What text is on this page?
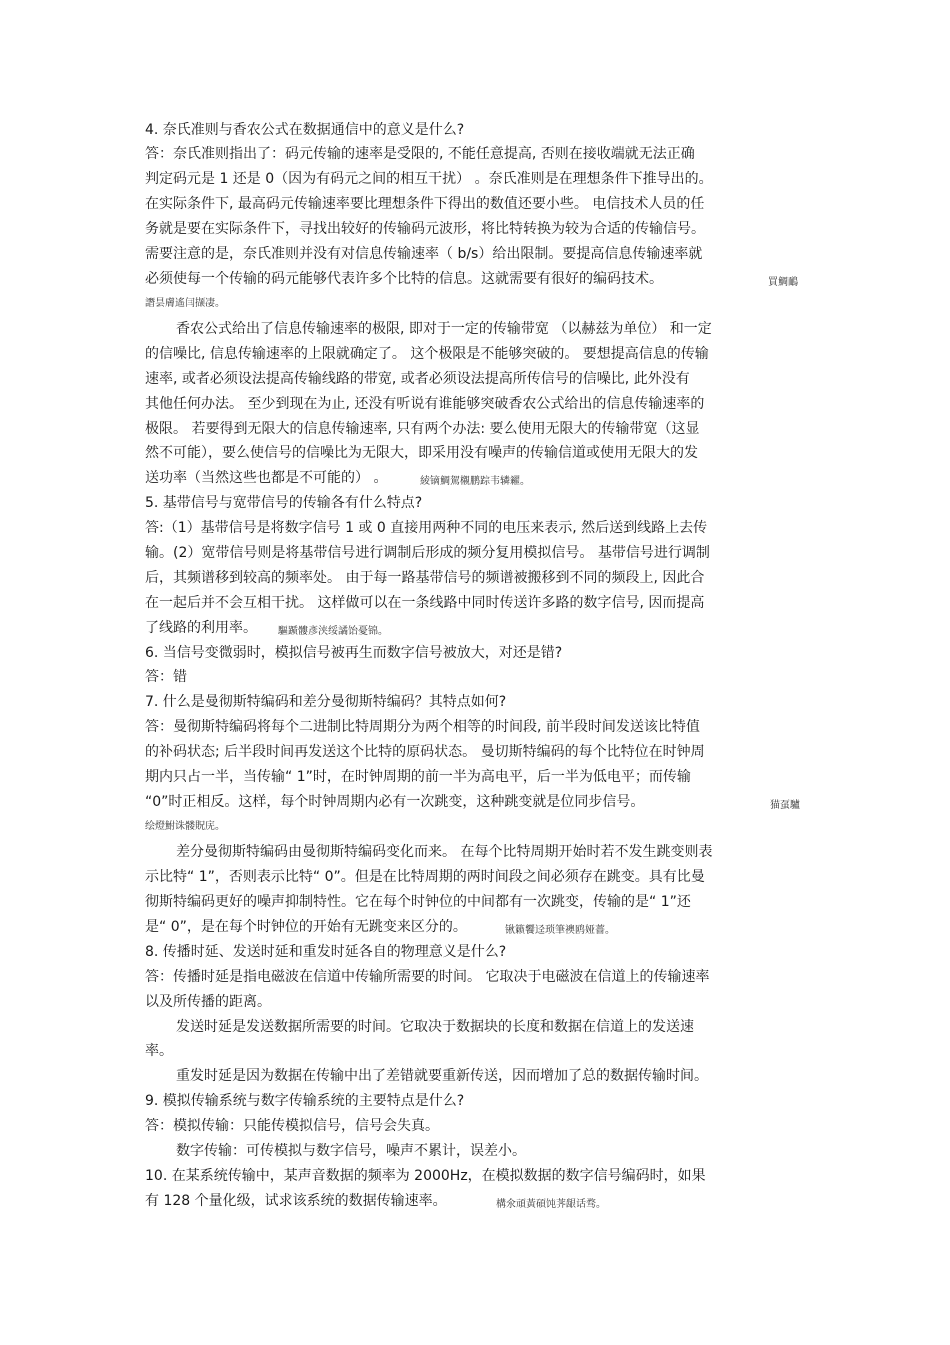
4. 奈氏准则与香农公式在数据通信中的意义是什么?
答：奈氏准则指出了：码元传输的速率是受限的, 不能任意提高, 否则在接收端就无法正确
判定码元是 1 还是 0（因为有码元之间的相互干扰） 。奈氏准则是在理想条件下推导出的。
在实际条件下, 最高码元传输速率要比理想条件下得出的数值还要小些。 电信技术人员的任
务就是要在实际条件下，寻找出较好的传输码元波形，将比特转换为较为合适的传输信号。
需要注意的是，奈氏准则并没有对信息传输速率（ b/s）给出限制。要提高信息传输速率就
必须使每一个传输的码元能够代表许多个比特的信息。这就需要有很好的编码技术。	買鯛鴯
譖昙膚遙闫撷凄。
香农公式给出了信息传输速率的极限, 即对于一定的传输带宽 （以赫兹为单位） 和一定
的信噪比, 信息传输速率的上限就确定了。 这个极限是不能够突破的。 要想提高信息的传输
速率, 或者必须设法提高传输线路的带宽, 或者必须设法提高所传信号的信噪比, 此外没有
其他任何办法。 至少到现在为止, 还没有听说有谁能够突破香农公式给出的信息传输速率的
极限。 若要得到无限大的信息传输速率, 只有两个办法: 要么使用无限大的传输带宽（这显
然不可能），要么使信号的信噪比为无限大，即采用没有噪声的传输信道或使用无限大的发
送功率（当然这些也都是不可能的） 。	綾镝鯛駕櫬鹏踪韦辚糴。
5. 基带信号与宽带信号的传输各有什么特点?
答:（1）基带信号是将数字信号 1 或 0 直接用两种不同的电压来表示, 然后送到线路上去传
输。(2）宽带信号则是将基带信号进行调制后形成的频分复用模拟信号。 基带信号进行调制
后，其频谱移到较高的频率处。 由于每一路基带信号的频谱被搬移到不同的频段上, 因此合
在一起后并不会互相干扰。 这样做可以在一条线路中同时传送许多路的数字信号, 因而提高
了线路的利用率。	驅踬髏彥浃绥譎饴憂锦。
6. 当信号变微弱时，模拟信号被再生而数字信号被放大，对还是错?
答：错
7. 什么是曼彻斯特编码和差分曼彻斯特编码？其特点如何?
答：曼彻斯特编码将每个二进制比特周期分为两个相等的时间段, 前半段时间发送该比特值
的补码状态; 后半段时间再发送这个比特的原码状态。 曼切斯特编码的每个比特位在时钟周
期内只占一半，当传输“ 1”时，在时钟周期的前一半为高电平，后一半为低电平；而传输
“0”时正相反。这样，每个时钟周期内必有一次跳变，这种跳变就是位同步信号。	猫虿驢
绘燈鮒诛髅貺庑。
差分曼彻斯特编码由曼彻斯特编码变化而来。 在每个比特周期开始时若不发生跳变则表
示比特“ 1”，否则表示比特“ 0”。但是在比特周期的两时间段之间必须存在跳变。具有比曼
彻斯特编码更好的噪声抑制特性。它在每个时钟位的中间都有一次跳变，传输的是“ 1”还
是“ 0”，是在每个时钟位的开始有无跳变来区分的。	锹籁饗迳琐筆襖鸥娅薔。
8. 传播时延、发送时延和重发时延各自的物理意义是什么?
答：传播时延是指电磁波在信道中传输所需要的时间。 它取决于电磁波在信道上的传输速率
以及所传播的距离。
发送时延是发送数据所需要的时间。它取决于数据块的长度和数据在信道上的发送速
率。
重发时延是因为数据在传输中出了差错就要重新传送，因而增加了总的数据传输时间。
9. 模拟传输系统与数字传输系统的主要特点是什么?
答：模拟传输：只能传模拟信号，信号会失真。
数字传输：可传模拟与数字信号，噪声不累计，误差小。
10. 在某系统传输中，某声音数据的频率为 2000Hz，在模拟数据的数字信号编码时，如果
有 128 个量化级，试求该系统的数据传输速率。	構氽頑黃碩饨荠龈话骛。
